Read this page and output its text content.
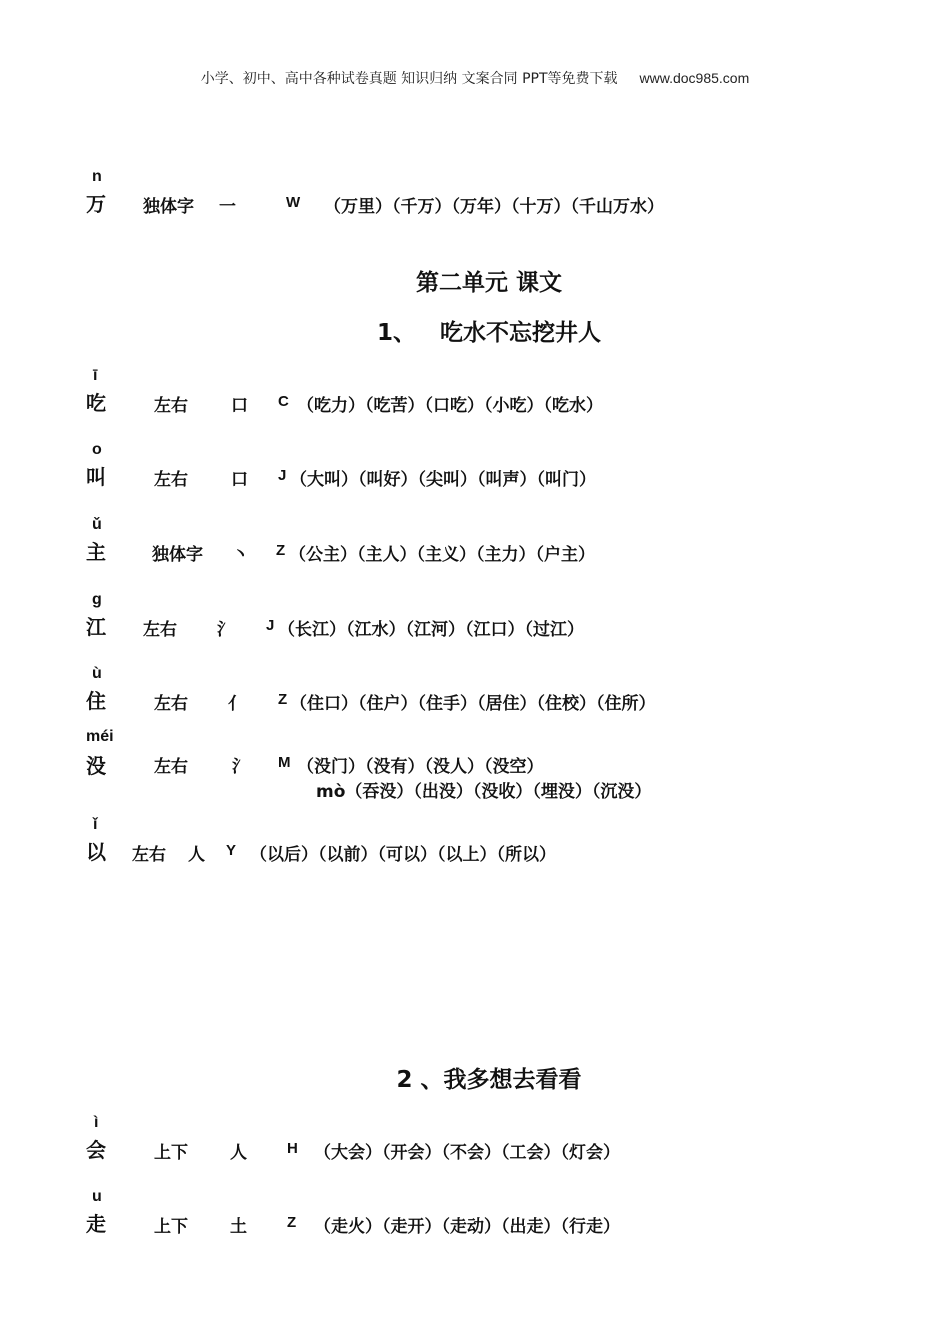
小学、初中、高中各种试卷真题 知识归纳 文案合同 PPT等免费下载 www.doc985.com
n
万 独体字 一	W （万里）（千万）（万年）（十万）（千山万水）
第二单元 课文
1、   吃水不忘挖井人
ī
吃	左右	口 C （吃力）（吃苦）（口吃）（小吃）（吃水）
o
叫	左右	口 J （大叫）（叫好）（尖叫）（叫声）（叫门）
ǔ
主	独体字 丶 Z （公主）（主人）（主义）（主力）（户主）
g
江 左右 氵 J （长江）（江水）（江河）（江口）（过江）
ù
住	左右 亻 Z （住口）（住户）（住手）（居住）（住校）（住所）
méi
没	左右	氵 M （没门）（没有）（没人）（没空）
mò（吞没）（出没）（没收）（埋没）（沉没）
ǐ
以 左右 人 Y （以后）（以前）（可以）（以上）（所以）
2 、我多想去看看
ì
会	上下 人	H （大会）（开会）（不会）（工会）（灯会）
u
走	上下 土	Z （走火）（走开）（走动）（出走）（行走）
